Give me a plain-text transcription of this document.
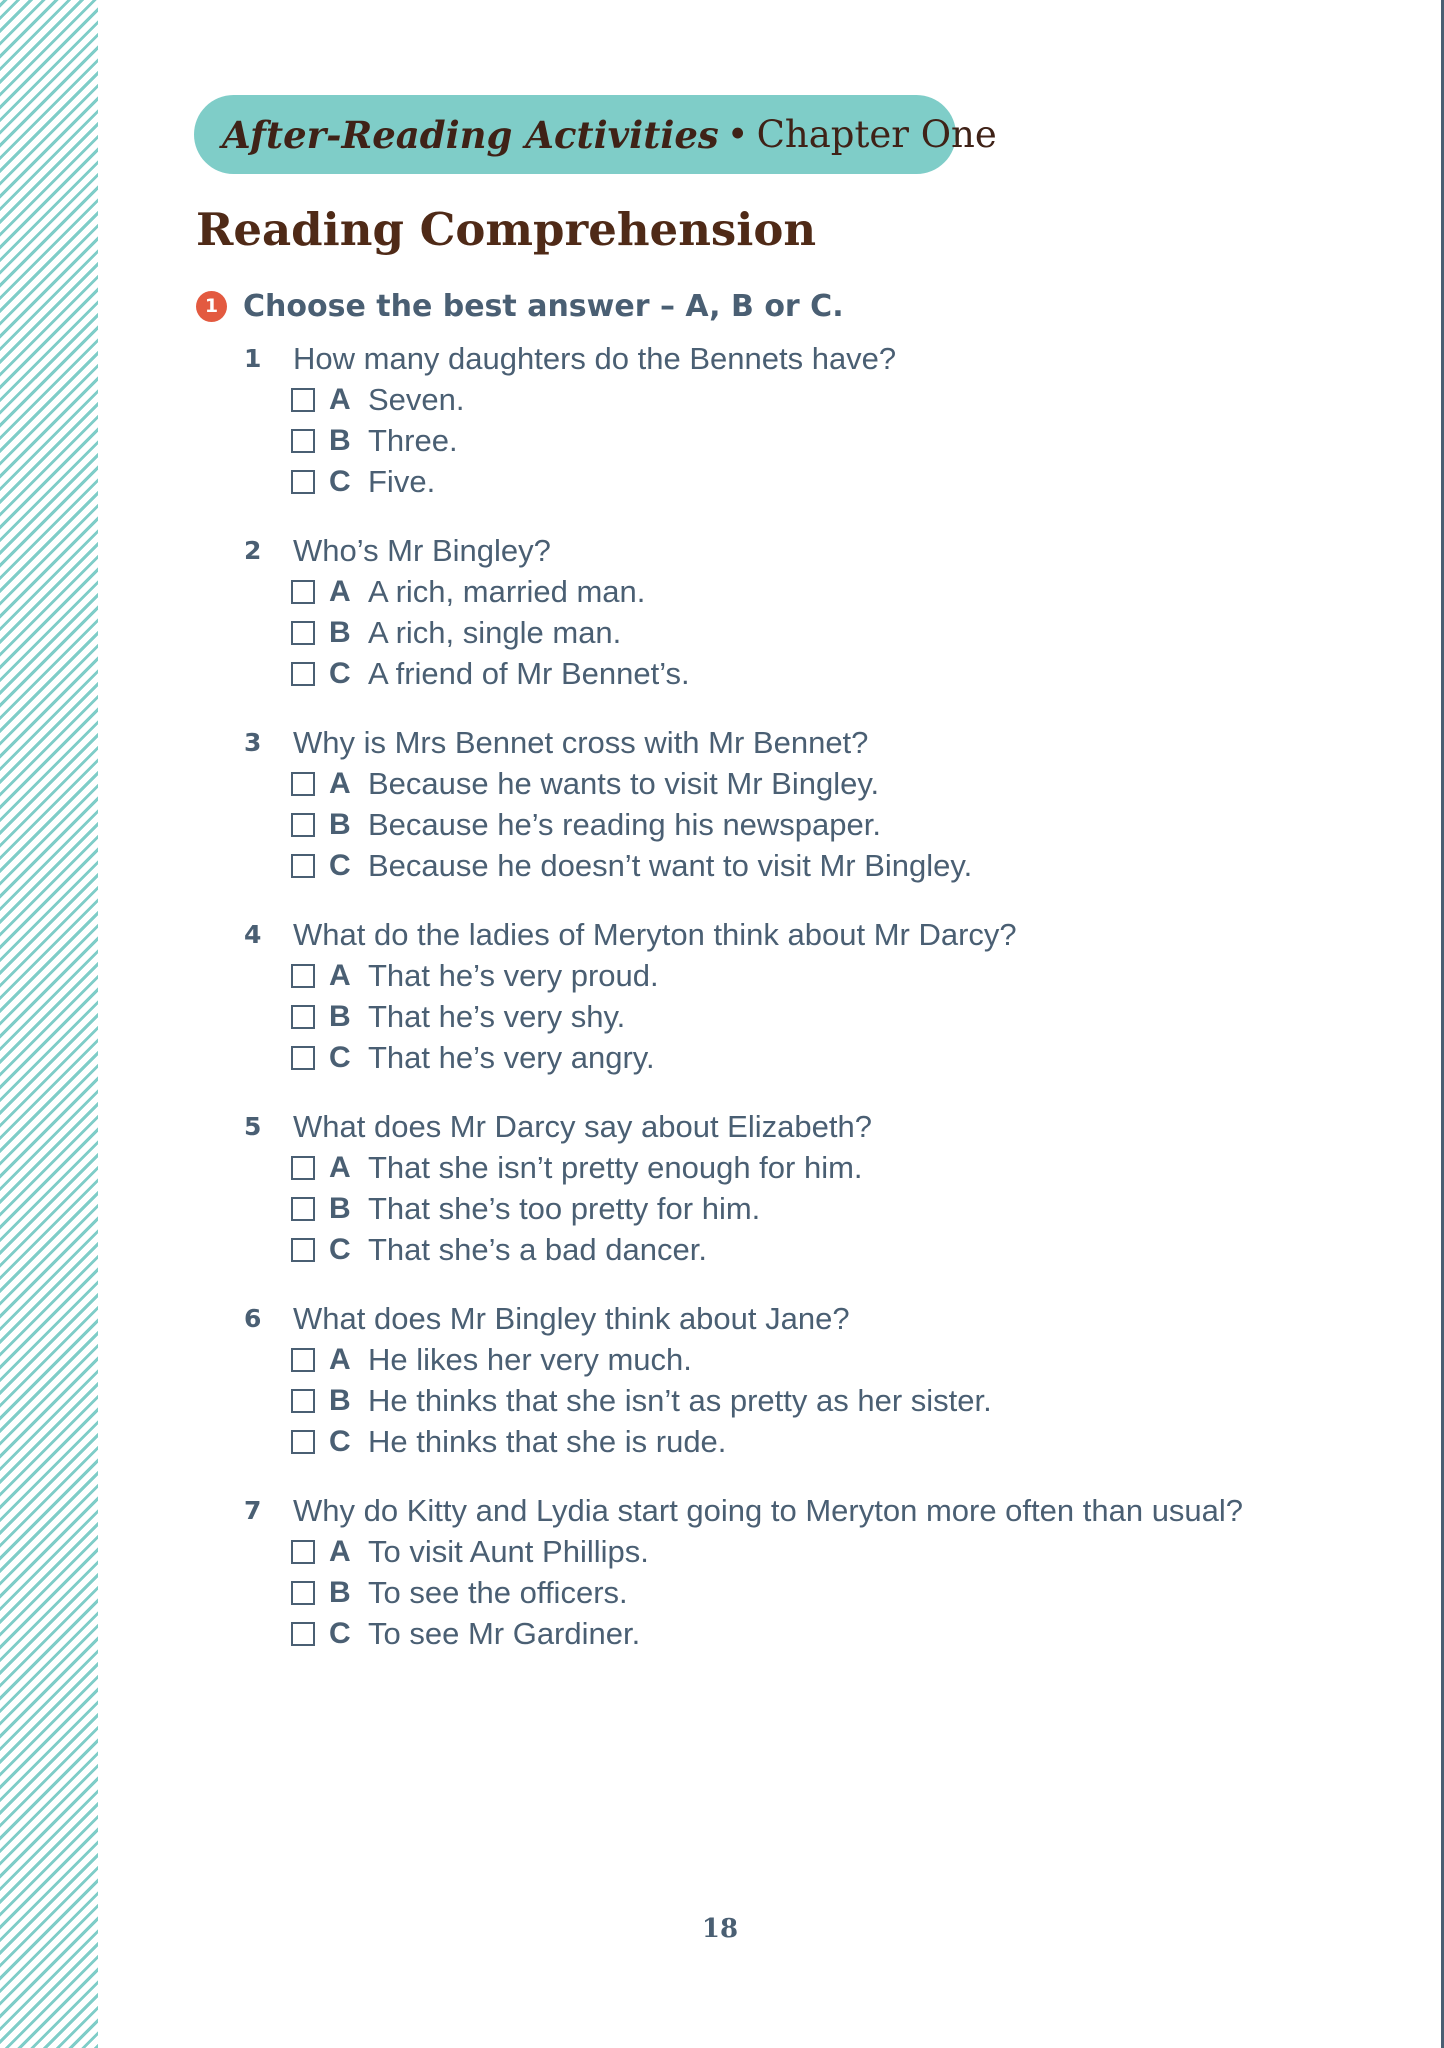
After-Reading Activities • Chapter One
Reading Comprehension
1 Choose the best answer – A, B or C.
A Seven.
B Three.
C Five.
1 How many daughters do the Bennets have?
A A rich, married man.
B A rich, single man.
C A friend of Mr Bennet’s.
2 Who’s Mr Bingley?
A Because he wants to visit Mr Bingley.
B Because he’s reading his newspaper.
C Because he doesn’t want to visit Mr Bingley.
3 Why is Mrs Bennet cross with Mr Bennet?
A That he’s very proud.
B That he’s very shy.
C That he’s very angry.
4 What do the ladies of Meryton think about Mr Darcy?
A That she isn’t pretty enough for him.
B That she’s too pretty for him.
C That she’s a bad dancer.
5 What does Mr Darcy say about Elizabeth?
A He likes her very much.
B He thinks that she isn’t as pretty as her sister.
C He thinks that she is rude.
6 What does Mr Bingley think about Jane?
A To visit Aunt Phillips.
B To see the officers.
C To see Mr Gardiner.
7 Why do Kitty and Lydia start going to Meryton more often than usual?
18
